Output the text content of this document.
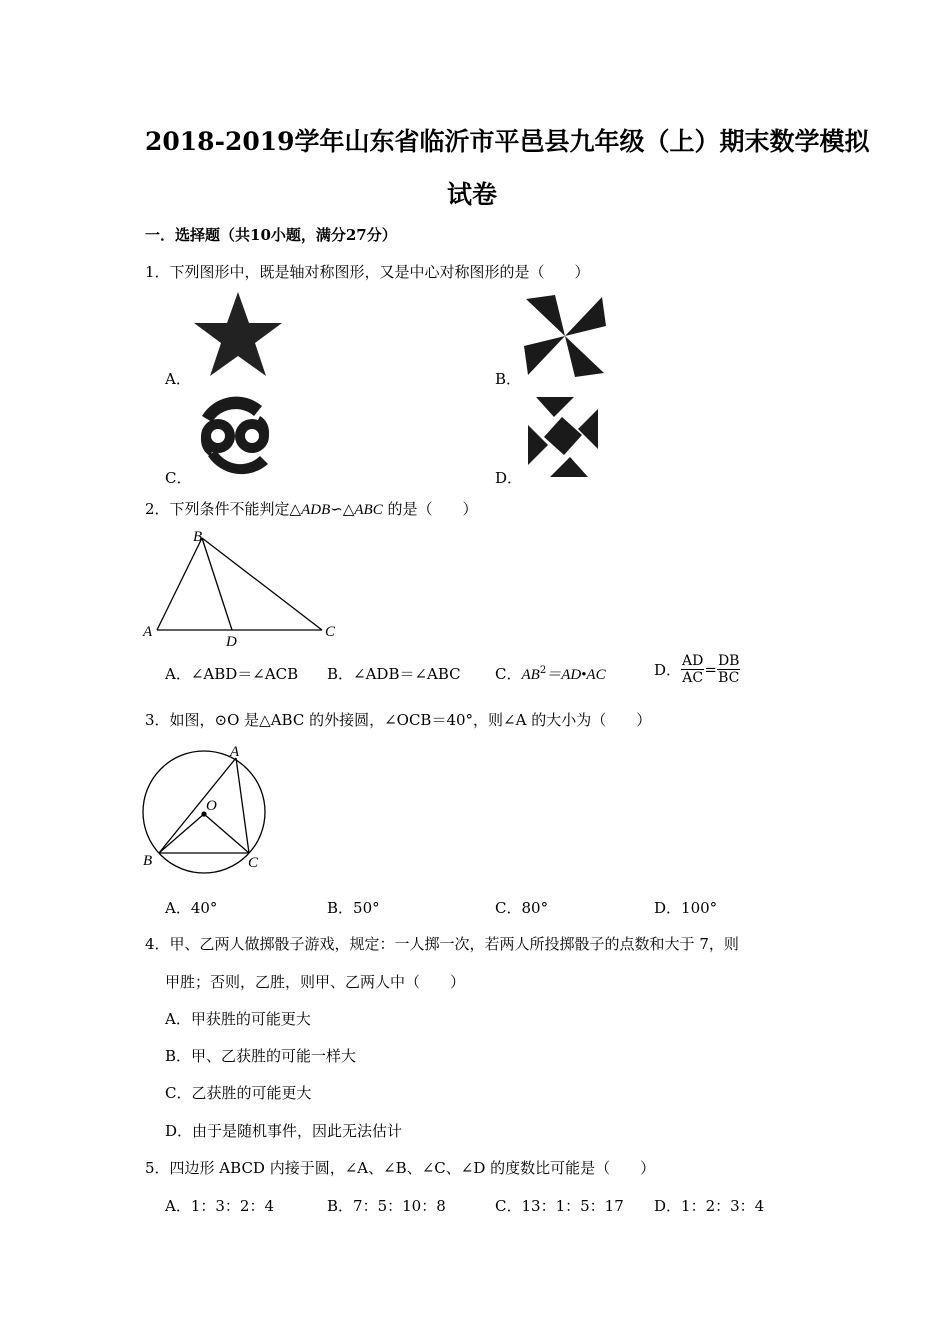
2018-2019学年山东省临沂市平邑县九年级（上）期末数学模拟
试卷
一．选择题（共10小题，满分27分）
1．下列图形中，既是轴对称图形，又是中心对称图形的是（　　）
A．	B．
C．	D．
2．下列条件不能判定△ADB∽△ABC 的是（　　）
B
A
D
C
A．∠ABD＝∠ACB B．∠ADB＝∠ABC C．$AB^2=AD•AC$	D． $\frac{AD}{AC} = \frac{DB}{BC}$
3．如图，⊙O 是△ABC 的外接圆，∠OCB＝40°，则∠A 的大小为（　　）
A
O
B	C
A．40°	B．50°	C．80°	D．100°
4．甲、乙两人做掷骰子游戏，规定：一人掷一次，若两人所投掷骰子的点数和大于 7，则
甲胜；否则，乙胜，则甲、乙两人中（　　）
A．甲获胜的可能更大
B．甲、乙获胜的可能一样大
C．乙获胜的可能更大
D．由于是随机事件，因此无法估计
5．四边形 ABCD 内接于圆，∠A、∠B、∠C、∠D 的度数比可能是（　　）
A．1：3：2：4	B．7：5：10：8	C．13：1：5：17 D．1：2：3：4
